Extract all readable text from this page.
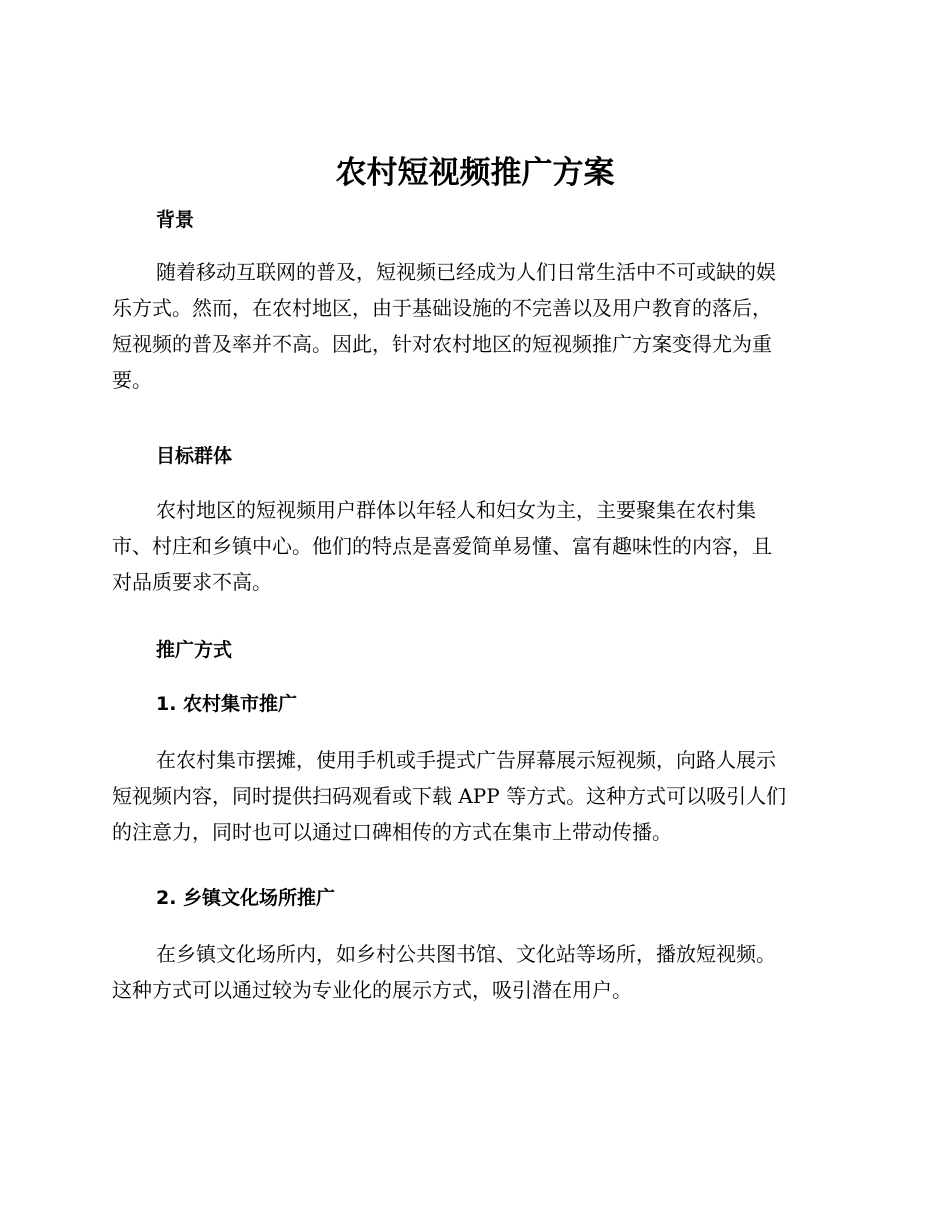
农村短视频推广方案
背景

随着移动互联网的普及，短视频已经成为人们日常生活中不可或缺的娱
乐方式。然而，在农村地区，由于基础设施的不完善以及用户教育的落后，
短视频的普及率并不高。因此，针对农村地区的短视频推广方案变得尤为重
要。

目标群体

农村地区的短视频用户群体以年轻人和妇女为主，主要聚集在农村集
市、村庄和乡镇中心。他们的特点是喜爱简单易懂、富有趣味性的内容，且
对品质要求不高。

推广方式
1. 农村集市推广

在农村集市摆摊，使用手机或手提式广告屏幕展示短视频，向路人展示
短视频内容，同时提供扫码观看或下载 APP 等方式。这种方式可以吸引人们
的注意力，同时也可以通过口碑相传的方式在集市上带动传播。

2. 乡镇文化场所推广

在乡镇文化场所内，如乡村公共图书馆、文化站等场所，播放短视频。
这种方式可以通过较为专业化的展示方式，吸引潜在用户。
